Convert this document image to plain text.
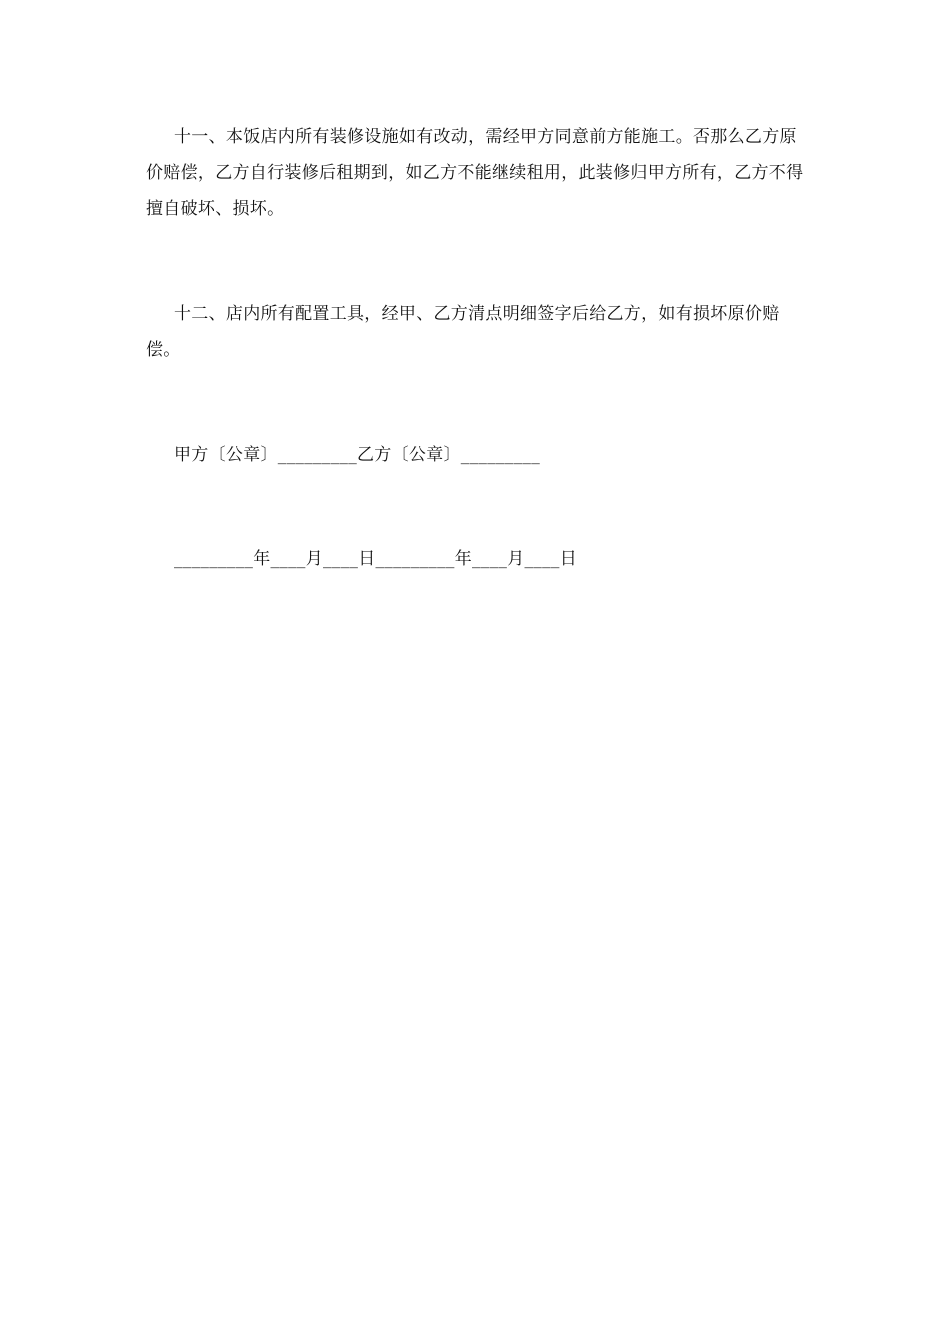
十一、本饭店内所有装修设施如有改动，需经甲方同意前方能施工。否那么乙方原价赔偿，乙方自行装修后租期到，如乙方不能继续租用，此装修归甲方所有，乙方不得擅自破坏、损坏。

十二、店内所有配置工具，经甲、乙方清点明细签字后给乙方，如有损坏原价赔偿。

甲方〔公章〕_________乙方〔公章〕_________

_________年____月____日_________年____月____日
